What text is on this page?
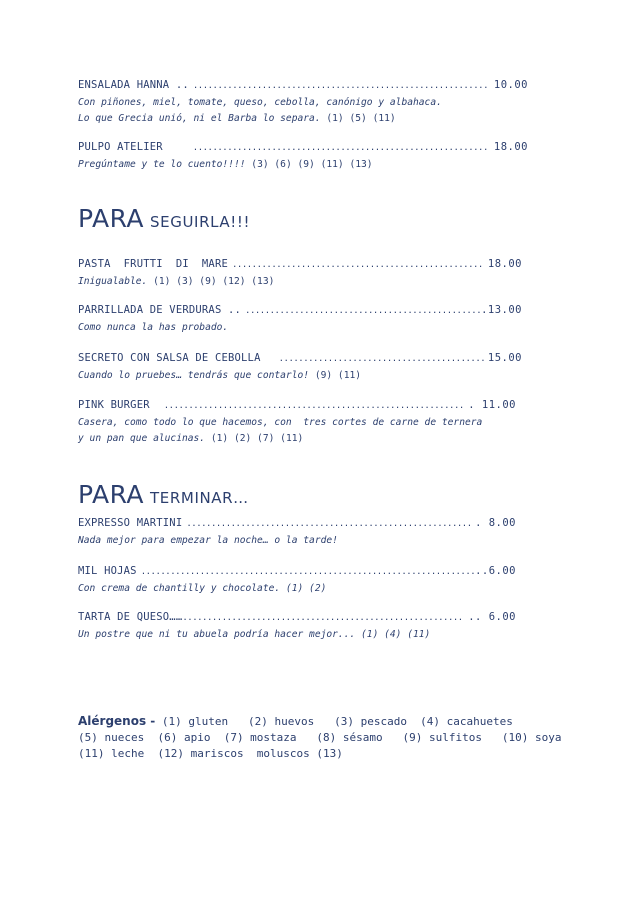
ENSALADA HANNA .. .....	10.00
Con piñones, miel, tomate, queso, cebolla, canónigo y albahaca.
Lo que Grecia unió, ni el Barba lo separa. (1) (5) (11)
PULPO ATELIER .....	18.00
Pregúntame y te lo cuento!!!! (3) (6) (9) (11) (13)
PARA SEGUIRLA!!!
PASTA  FRUTTI  DI  MARE .....	18.00
Inigualable. (1) (3) (9) (12) (13)
PARRILLADA DE VERDURAS .. .....	.13.00
Como nunca la has probado.
SECRETO CON SALSA DE CEBOLLA .....	15.00
Cuando lo pruebes… tendrás que contarlo! (9) (11)
PINK BURGER .....	. 11.00
Casera, como todo lo que hacemos, con  tres cortes de carne de ternera
y un pan que alucinas. (1) (2) (7) (11)
PARA TERMINAR…
EXPRESSO MARTINI .....	. 8.00
Nada mejor para empezar la noche… o la tarde!
MIL HOJAS .....	..6.00
Con crema de chantilly y chocolate. (1) (2)
TARTA DE QUESO…… .....	.. 6.00
Un postre que ni tu abuela podría hacer mejor... (1) (4) (11)
Alérgenos - (1) gluten   (2) huevos   (3) pescado  (4) cacahuetes
(5) nueces  (6) apio  (7) mostaza   (8) sésamo   (9) sulfitos   (10) soya
(11) leche  (12) mariscos  moluscos (13)
